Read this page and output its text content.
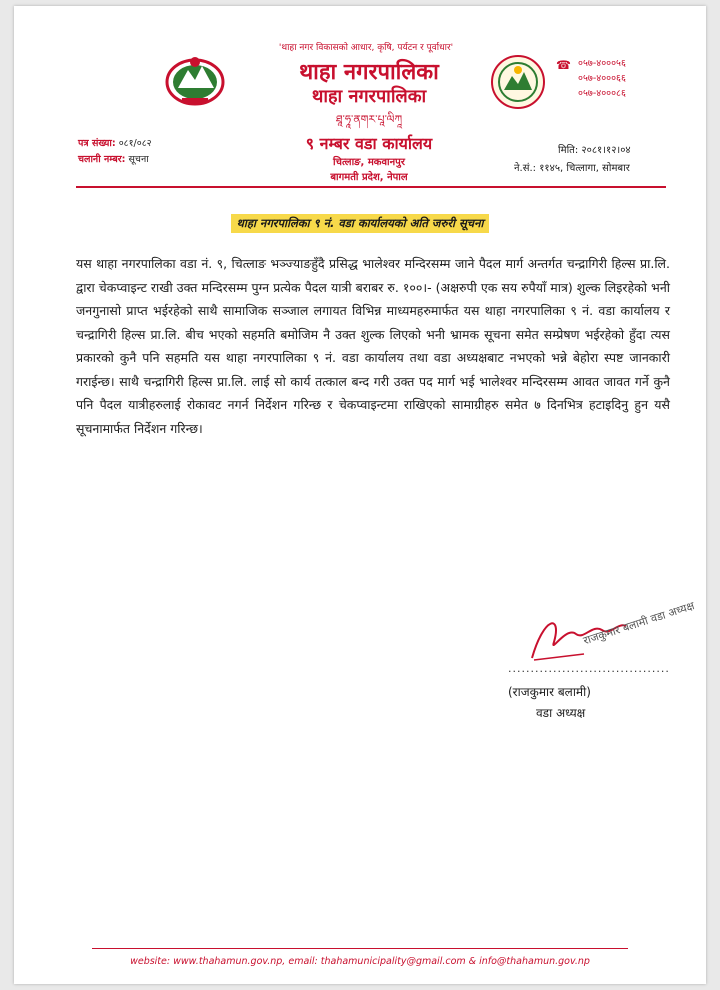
'थाहा नगर विकासको आधार, कृषि, पर्यटन र पूर्वाधार'
थाहा नगरपालिका
थाहा नगरपालिका
ཐཱ་ཧཱ་ནགར་པཱ་ལིཀཱ
☎ ०५७-४०००५६
०५७-४०००६६
०५७-४०००८६
पत्र संख्या: ०८१/०८२
चलानी नम्बर: सूचना
९ नम्बर वडा कार्यालय
चित्लाङ, मकवानपुर
बागमती प्रदेश, नेपाल
मिति: २०८१।१२।०४
ने.सं.: ११४५, चित्लागा, सोमबार
थाहा नगरपालिका ९ नं. वडा कार्यालयको अति जरुरी सूचना
यस थाहा नगरपालिका वडा नं. ९, चित्लाङ भञ्ज्याङहुँदै प्रसिद्ध भालेश्वर मन्दिरसम्म जाने पैदल मार्ग अन्तर्गत चन्द्रागिरी हिल्स प्रा.लि. द्वारा चेकप्वाइन्ट राखी उक्त मन्दिरसम्म पुग्न प्रत्येक पैदल यात्री बराबर रु. १००।- (अक्षरुपी एक सय रुपैयाँ मात्र) शुल्क लिइरहेको भनी जनगुनासो प्राप्त भईरहेको साथै सामाजिक सञ्जाल लगायत विभिन्न माध्यमहरुमार्फत यस थाहा नगरपालिका ९ नं. वडा कार्यालय र चन्द्रागिरी हिल्स प्रा.लि. बीच भएको सहमति बमोजिम नै उक्त शुल्क लिएको भनी भ्रामक सूचना समेत सम्प्रेषण भईरहेको हुँदा त्यस प्रकारको कुनै पनि सहमति यस थाहा नगरपालिका ९ नं. वडा कार्यालय तथा वडा अध्यक्षबाट नभएको भन्ने बेहोरा स्पष्ट जानकारी गराईन्छ। साथै चन्द्रागिरी हिल्स प्रा.लि. लाई सो कार्य तत्काल बन्द गरी उक्त पद मार्ग भई भालेश्वर मन्दिरसम्म आवत जावत गर्ने कुनै पनि पैदल यात्रीहरुलाई रोकावट नगर्न निर्देशन गरिन्छ र चेकप्वाइन्टमा राखिएको सामाग्रीहरु समेत ७ दिनभित्र हटाइदिनु हुन यसै सूचनामार्फत निर्देशन गरिन्छ।
राजकुमार बलामी वडा अध्यक्ष
....................................
(राजकुमार बलामी)
वडा अध्यक्ष
website: www.thahamun.gov.np, email: thahamunicipality@gmail.com & info@thahamun.gov.np
